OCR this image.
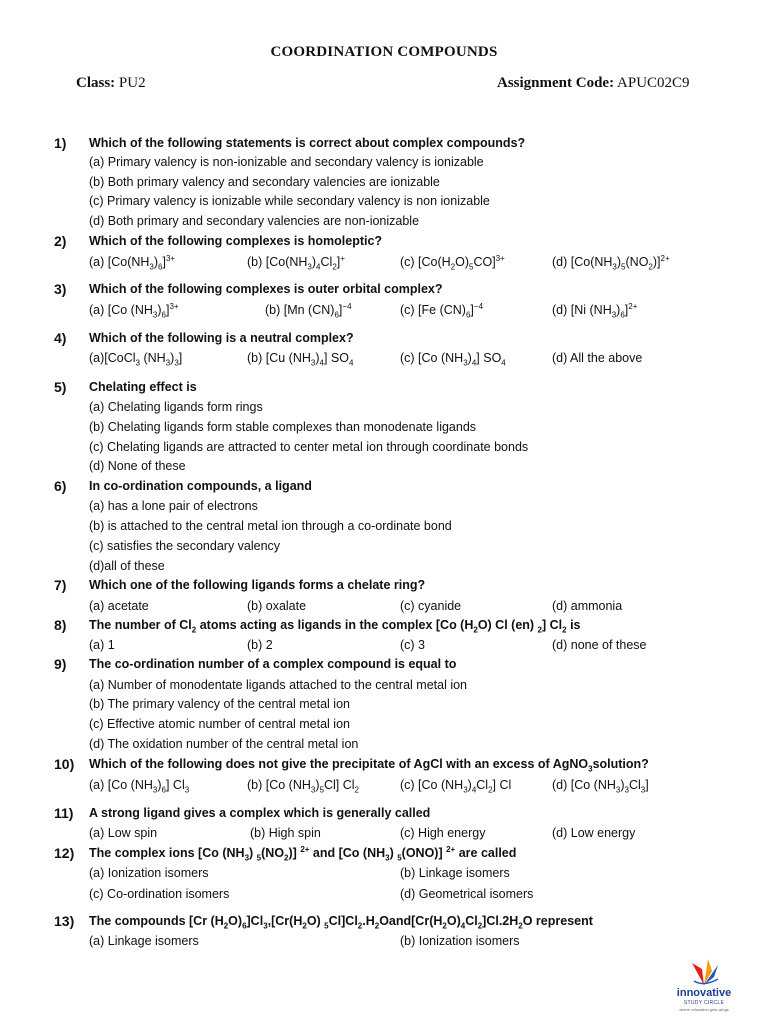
COORDINATION COMPOUNDS
Class: PU2	Assignment Code: APUC02C9
1) Which of the following statements is correct about complex compounds?
(a) Primary valency is non-ionizable and secondary valency is ionizable
(b) Both primary valency and secondary valencies are ionizable
(c) Primary valency is ionizable while secondary valency is non ionizable
(d) Both primary and secondary valencies are non-ionizable
2) Which of the following complexes is homoleptic?
(a) $[Co(NH_3)_6]^{3+}$	(b) $[Co(NH_3)_4Cl_2]^+$	(c) $[Co(H_2O)_5CO]^{3+}$	(d) $[Co(NH_3)_5(NO_2)]^{2+}$
3) Which of the following complexes is outer orbital complex?
(a) [Co $(NH_3)_6]^{3+}$	(b) [Mn $(CN)_6]^{-4}$	(c) [Fe $(CN)_6]^{-4}$	(d) [Ni $(NH_3)_6]^{2+}$
4) Which of the following is a neutral complex?
(a)[CoCl$_3$ $(NH_3)_3$]	(b) [Cu $(NH_3)_4$] $SO_4$	(c) [Co $(NH_3)_4$] $SO_4$	(d) All the above
5) Chelating effect is
(a) Chelating ligands form rings
(b) Chelating ligands form stable complexes than monodenate ligands
(c) Chelating ligands are attracted to center metal ion through coordinate bonds
(d) None of these
6) In co-ordination compounds, a ligand
(a) has a lone pair of electrons
(b) is attached to the central metal ion through a co-ordinate bond
(c) satisfies the secondary valency
(d)all of these
7) Which one of the following ligands forms a chelate ring?
(a) acetate	(b) oxalate	(c) cyanide	(d) ammonia
8) The number of $Cl_2$ atoms acting as ligands in the complex [Co $(H_2O)$ Cl (en) $_2$] $Cl_2$ is
(a) 1	(b) 2	(c) 3	(d) none of these
9) The co-ordination number of a complex compound is equal to
(a) Number of monodentate ligands attached to the central metal ion
(b) The primary valency of the central metal ion
(c) Effective atomic number of central metal ion
(d) The oxidation number of the central metal ion
10) Which of the following does not give the precipitate of AgCl with an excess of AgNO$_3$solution?
(a) [Co $(NH_3)_6$] $Cl_3$	(b) [Co $(NH_3)_5Cl$] $Cl_2$	(c) [Co $(NH_3)_4Cl_2$] Cl	(d) [Co $(NH_3)_3Cl_3$]
11) A strong ligand gives a complex which is generally called
(a) Low spin	(b) High spin	(c) High energy	(d) Low energy
12) The complex ions [Co $(NH_3)$ $_5(NO_2)$] $^{2+}$ and [Co $(NH_3)$ $_5$(ONO)] $^{2+}$ are called
(a) Ionization isomers	(b) Linkage isomers
(c) Co-ordination isomers	(d) Geometrical isomers
13) The compounds [Cr $(H_2O)_6]Cl_3,[Cr(H_2O)$ $_5Cl]Cl_2.H_2Oand[Cr(H_2O)_4Cl_2]Cl.2H_2O$ represent
(a) Linkage isomers	(b) Ionization isomers
innovative
STUDY CIRCLE
where education gets wings
